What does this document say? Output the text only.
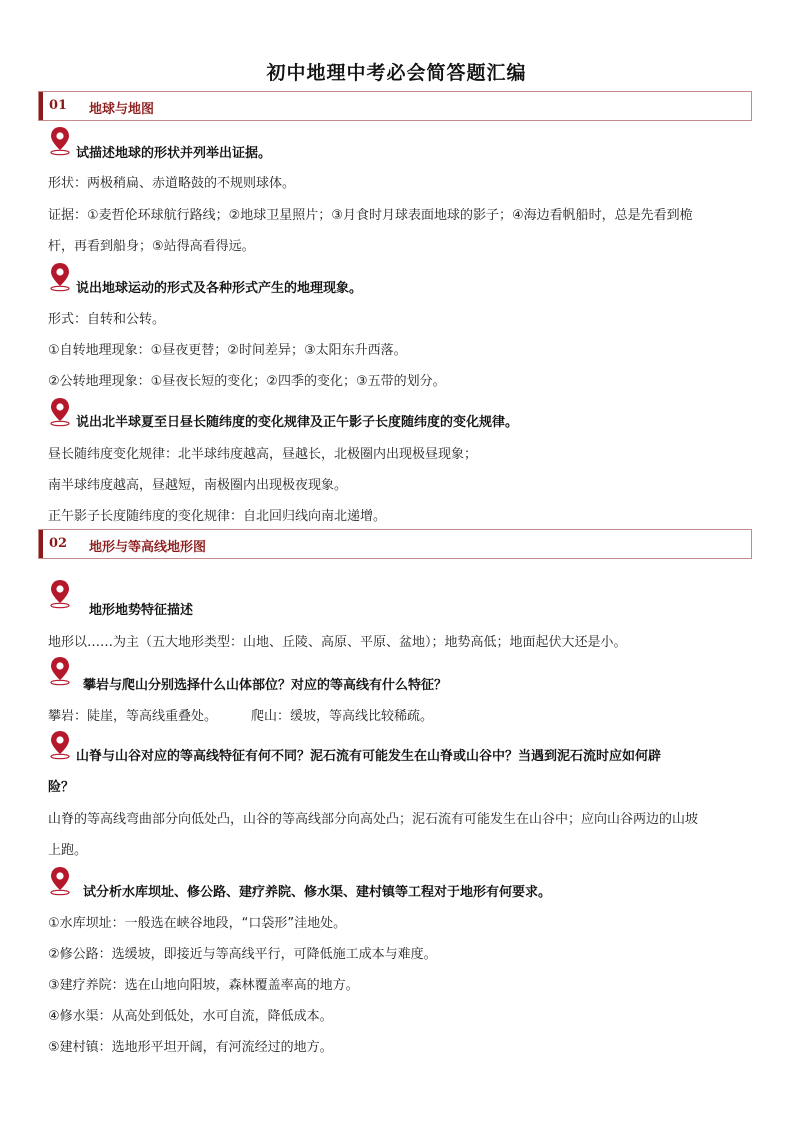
初中地理中考必会简答题汇编
01 地球与地图
试描述地球的形状并列举出证据。
形状：两极稍扁、赤道略鼓的不规则球体。
证据：①麦哲伦环球航行路线；②地球卫星照片；③月食时月球表面地球的影子；④海边看帆船时，总是先看到桅
杆，再看到船身；⑤站得高看得远。
说出地球运动的形式及各种形式产生的地理现象。
形式：自转和公转。
①自转地理现象：①昼夜更替；②时间差异；③太阳东升西落。
②公转地理现象：①昼夜长短的变化；②四季的变化；③五带的划分。
说出北半球夏至日昼长随纬度的变化规律及正午影子长度随纬度的变化规律。
昼长随纬度变化规律：北半球纬度越高，昼越长，北极圈内出现极昼现象；
南半球纬度越高，昼越短，南极圈内出现极夜现象。
正午影子长度随纬度的变化规律：自北回归线向南北递增。
02 地形与等高线地形图
地形地势特征描述
地形以……为主（五大地形类型：山地、丘陵、高原、平原、盆地）；地势高低；地面起伏大还是小。
攀岩与爬山分别选择什么山体部位？对应的等高线有什么特征？
攀岩：陡崖，等高线重叠处。	爬山：缓坡，等高线比较稀疏。
山脊与山谷对应的等高线特征有何不同？泥石流有可能发生在山脊或山谷中？当遇到泥石流时应如何辟
险？
山脊的等高线弯曲部分向低处凸，山谷的等高线部分向高处凸；泥石流有可能发生在山谷中；应向山谷两边的山坡
上跑。
试分析水库坝址、修公路、建疗养院、修水渠、建村镇等工程对于地形有何要求。
①水库坝址：一般选在峡谷地段，“口袋形”洼地处。
②修公路：选缓坡，即接近与等高线平行，可降低施工成本与难度。
③建疗养院：选在山地向阳坡，森林覆盖率高的地方。
④修水渠：从高处到低处，水可自流，降低成本。
⑤建村镇：选地形平坦开阔，有河流经过的地方。
